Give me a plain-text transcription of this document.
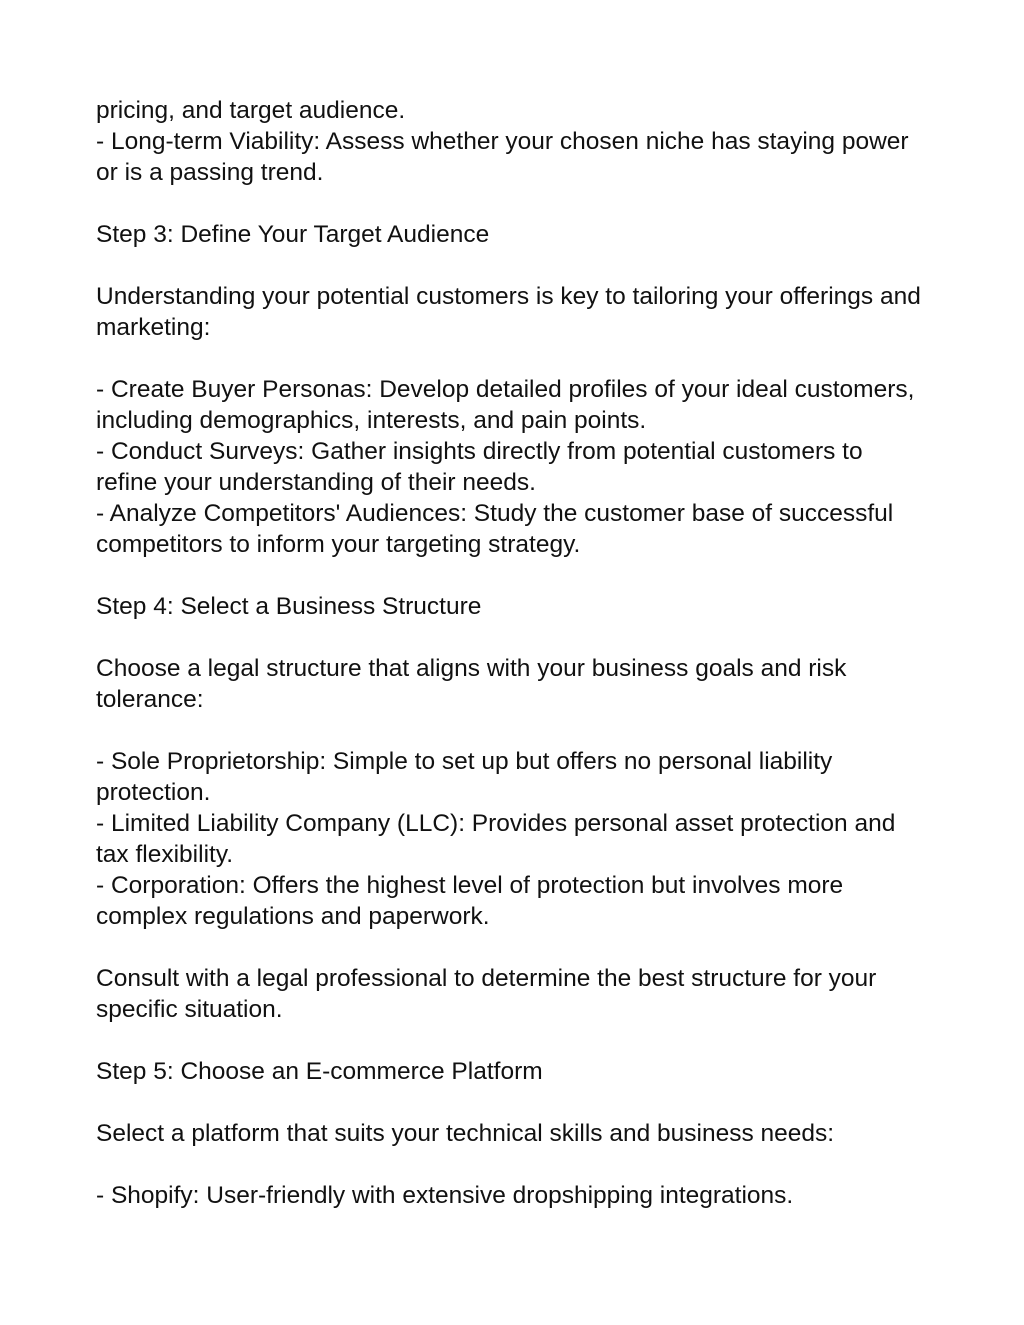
pricing, and target audience.

- Long-term Viability: Assess whether your chosen niche has staying power or is a passing trend.

Step 3: Define Your Target Audience

Understanding your potential customers is key to tailoring your offerings and marketing:

- Create Buyer Personas: Develop detailed profiles of your ideal customers, including demographics, interests, and pain points.

- Conduct Surveys: Gather insights directly from potential customers to refine your understanding of their needs.

- Analyze Competitors' Audiences: Study the customer base of successful competitors to inform your targeting strategy.

Step 4: Select a Business Structure

Choose a legal structure that aligns with your business goals and risk tolerance:

- Sole Proprietorship: Simple to set up but offers no personal liability protection.

- Limited Liability Company (LLC): Provides personal asset protection and tax flexibility.

- Corporation: Offers the highest level of protection but involves more complex regulations and paperwork.

Consult with a legal professional to determine the best structure for your specific situation.

Step 5: Choose an E-commerce Platform

Select a platform that suits your technical skills and business needs:

- Shopify: User-friendly with extensive dropshipping integrations.
